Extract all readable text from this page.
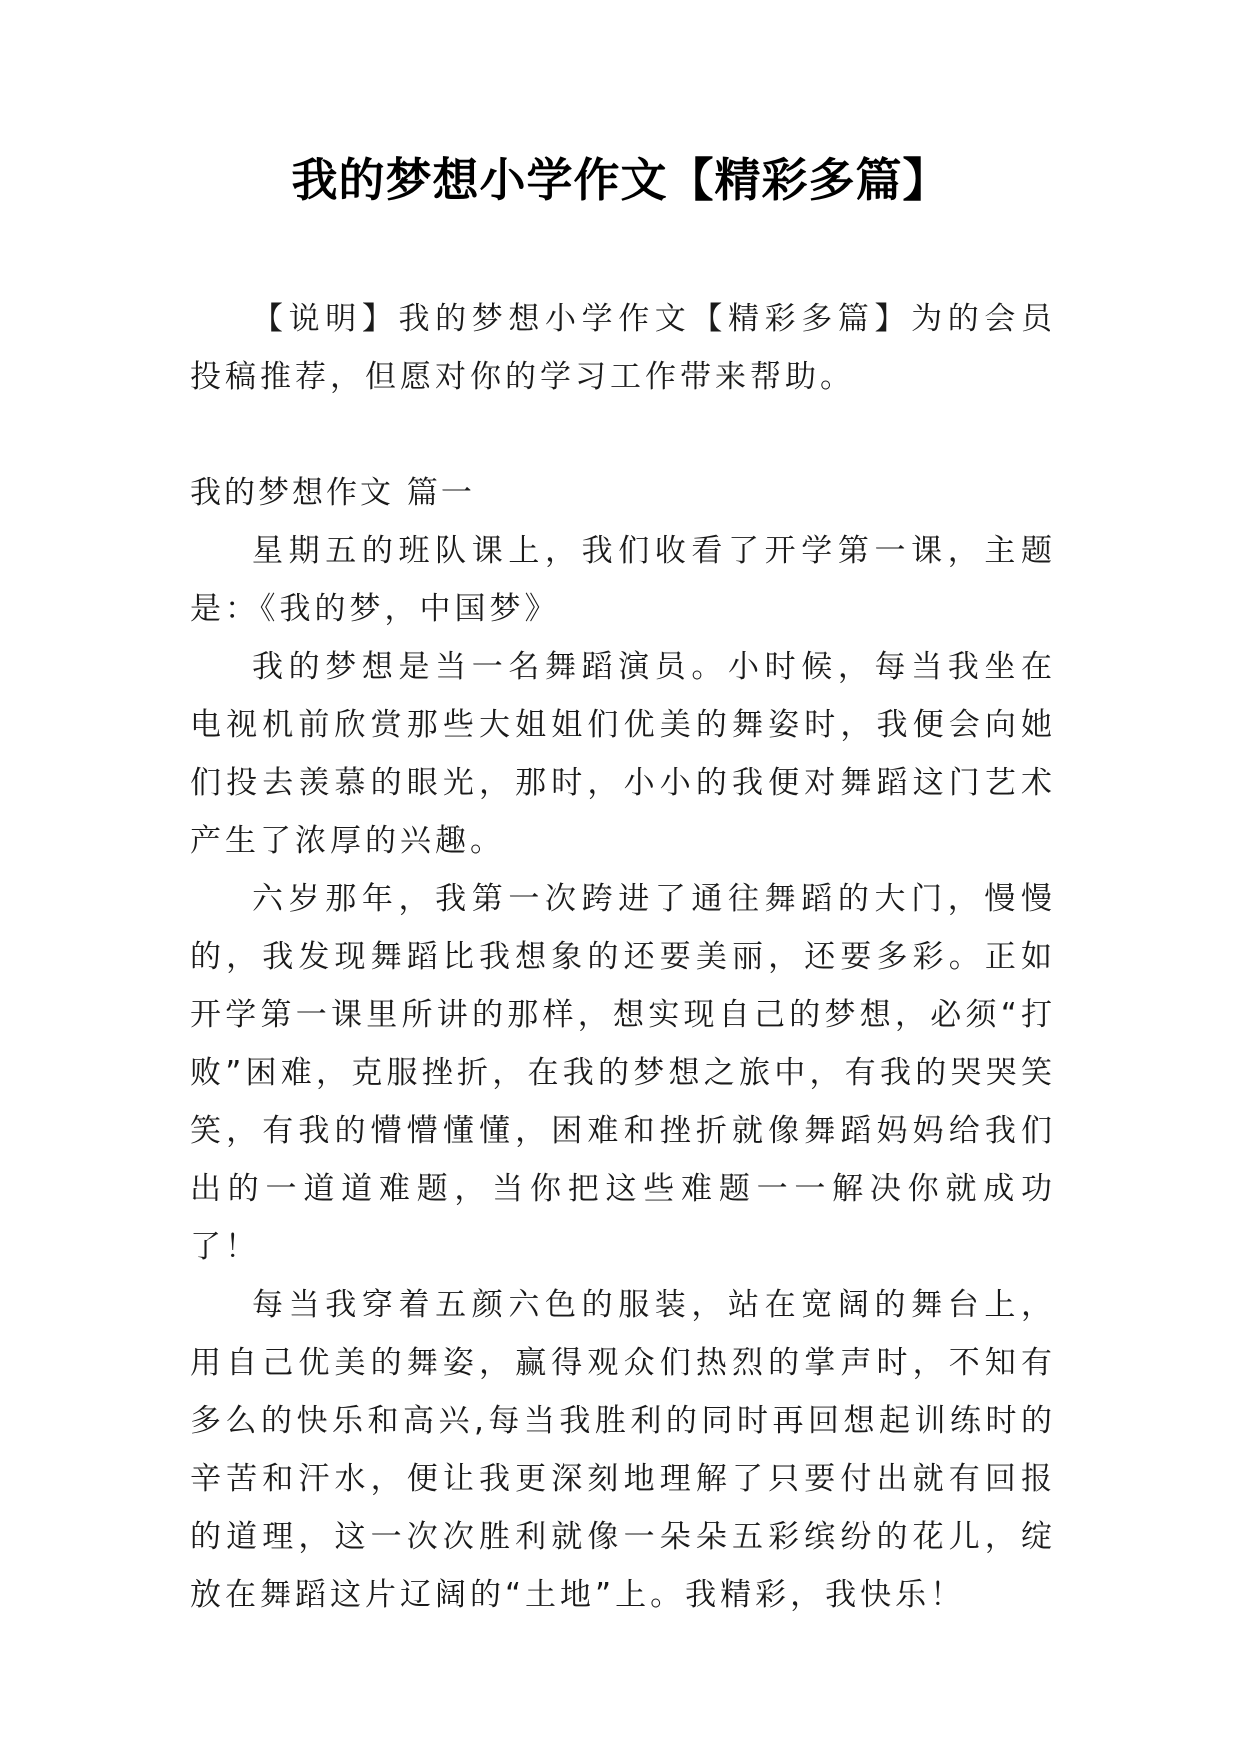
我的梦想小学作文【精彩多篇】

【说明】我的梦想小学作文【精彩多篇】为的会员投稿推荐，但愿对你的学习工作带来帮助。

我的梦想作文 篇一

星期五的班队课上，我们收看了开学第一课，主题是：《我的梦，中国梦》

我的梦想是当一名舞蹈演员。小时候，每当我坐在电视机前欣赏那些大姐姐们优美的舞姿时，我便会向她们投去羡慕的眼光，那时，小小的我便对舞蹈这门艺术产生了浓厚的兴趣。

六岁那年，我第一次跨进了通往舞蹈的大门，慢慢的，我发现舞蹈比我想象的还要美丽，还要多彩。正如开学第一课里所讲的那样，想实现自己的梦想，必须“打败”困难，克服挫折，在我的梦想之旅中，有我的哭哭笑笑，有我的懵懵懂懂，困难和挫折就像舞蹈妈妈给我们出的一道道难题，当你把这些难题一一解决你就成功了！

每当我穿着五颜六色的服装，站在宽阔的舞台上，用自己优美的舞姿，赢得观众们热烈的掌声时，不知有多么的快乐和高兴,每当我胜利的同时再回想起训练时的辛苦和汗水，便让我更深刻地理解了只要付出就有回报的道理，这一次次胜利就像一朵朵五彩缤纷的花儿，绽放在舞蹈这片辽阔的“土地”上。我精彩，我快乐！
